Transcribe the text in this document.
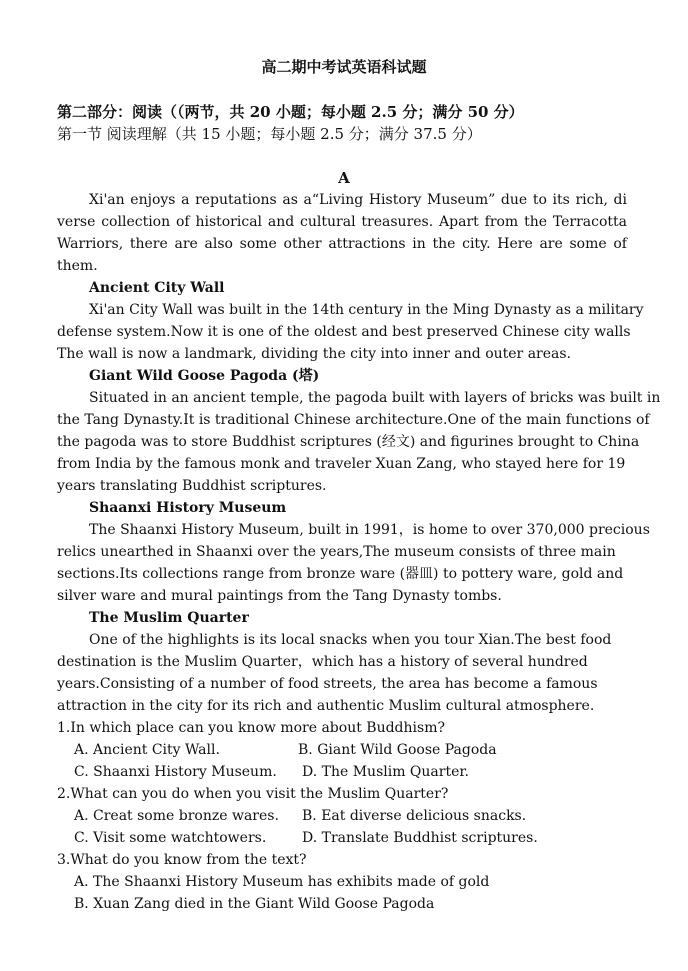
高二期中考试英语科试题
第二部分：阅读（（两节，共 20 小题；每小题 2.5 分；满分 50 分）
第一节 阅读理解（共 15 小题；每小题 2.5 分；满分 37.5 分）
A
Xi'an enjoys a reputations as a“Living History Museum” due to its rich, di
verse collection of historical and cultural treasures. Apart from the Terracotta
Warriors, there are also some other attractions in the city. Here are some of
them.
Ancient City Wall
Xi'an City Wall was built in the 14th century in the Ming Dynasty as a military
defense system.Now it is one of the oldest and best preserved Chinese city walls
The wall is now a landmark, dividing the city into inner and outer areas.
Giant Wild Goose Pagoda (塔)
Situated in an ancient temple, the pagoda built with layers of bricks was built in
the Tang Dynasty.It is traditional Chinese architecture.One of the main functions of
the pagoda was to store Buddhist scriptures (经文) and figurines brought to China
from India by the famous monk and traveler Xuan Zang, who stayed here for 19
years translating Buddhist scriptures.
Shaanxi History Museum
The Shaanxi History Museum, built in 1991，is home to over 370,000 precious
relics unearthed in Shaanxi over the years,The museum consists of three main
sections.Its collections range from bronze ware (器皿) to pottery ware, gold and
silver ware and mural paintings from the Tang Dynasty tombs.
The Muslim Quarter
One of the highlights is its local snacks when you tour Xian.The best food
destination is the Muslim Quarter，which has a history of several hundred
years.Consisting of a number of food streets, the area has become a famous
attraction in the city for its rich and authentic Muslim cultural atmosphere.
1.In which place can you know more about Buddhism?
A. Ancient City Wall.	B. Giant Wild Goose Pagoda
C. Shaanxi History Museum. D. The Muslim Quarter.
2.What can you do when you visit the Muslim Quarter?
A. Creat some bronze wares. B. Eat diverse delicious snacks.
C. Visit some watchtowers.	D. Translate Buddhist scriptures.
3.What do you know from the text?
A. The Shaanxi History Museum has exhibits made of gold
B. Xuan Zang died in the Giant Wild Goose Pagoda
